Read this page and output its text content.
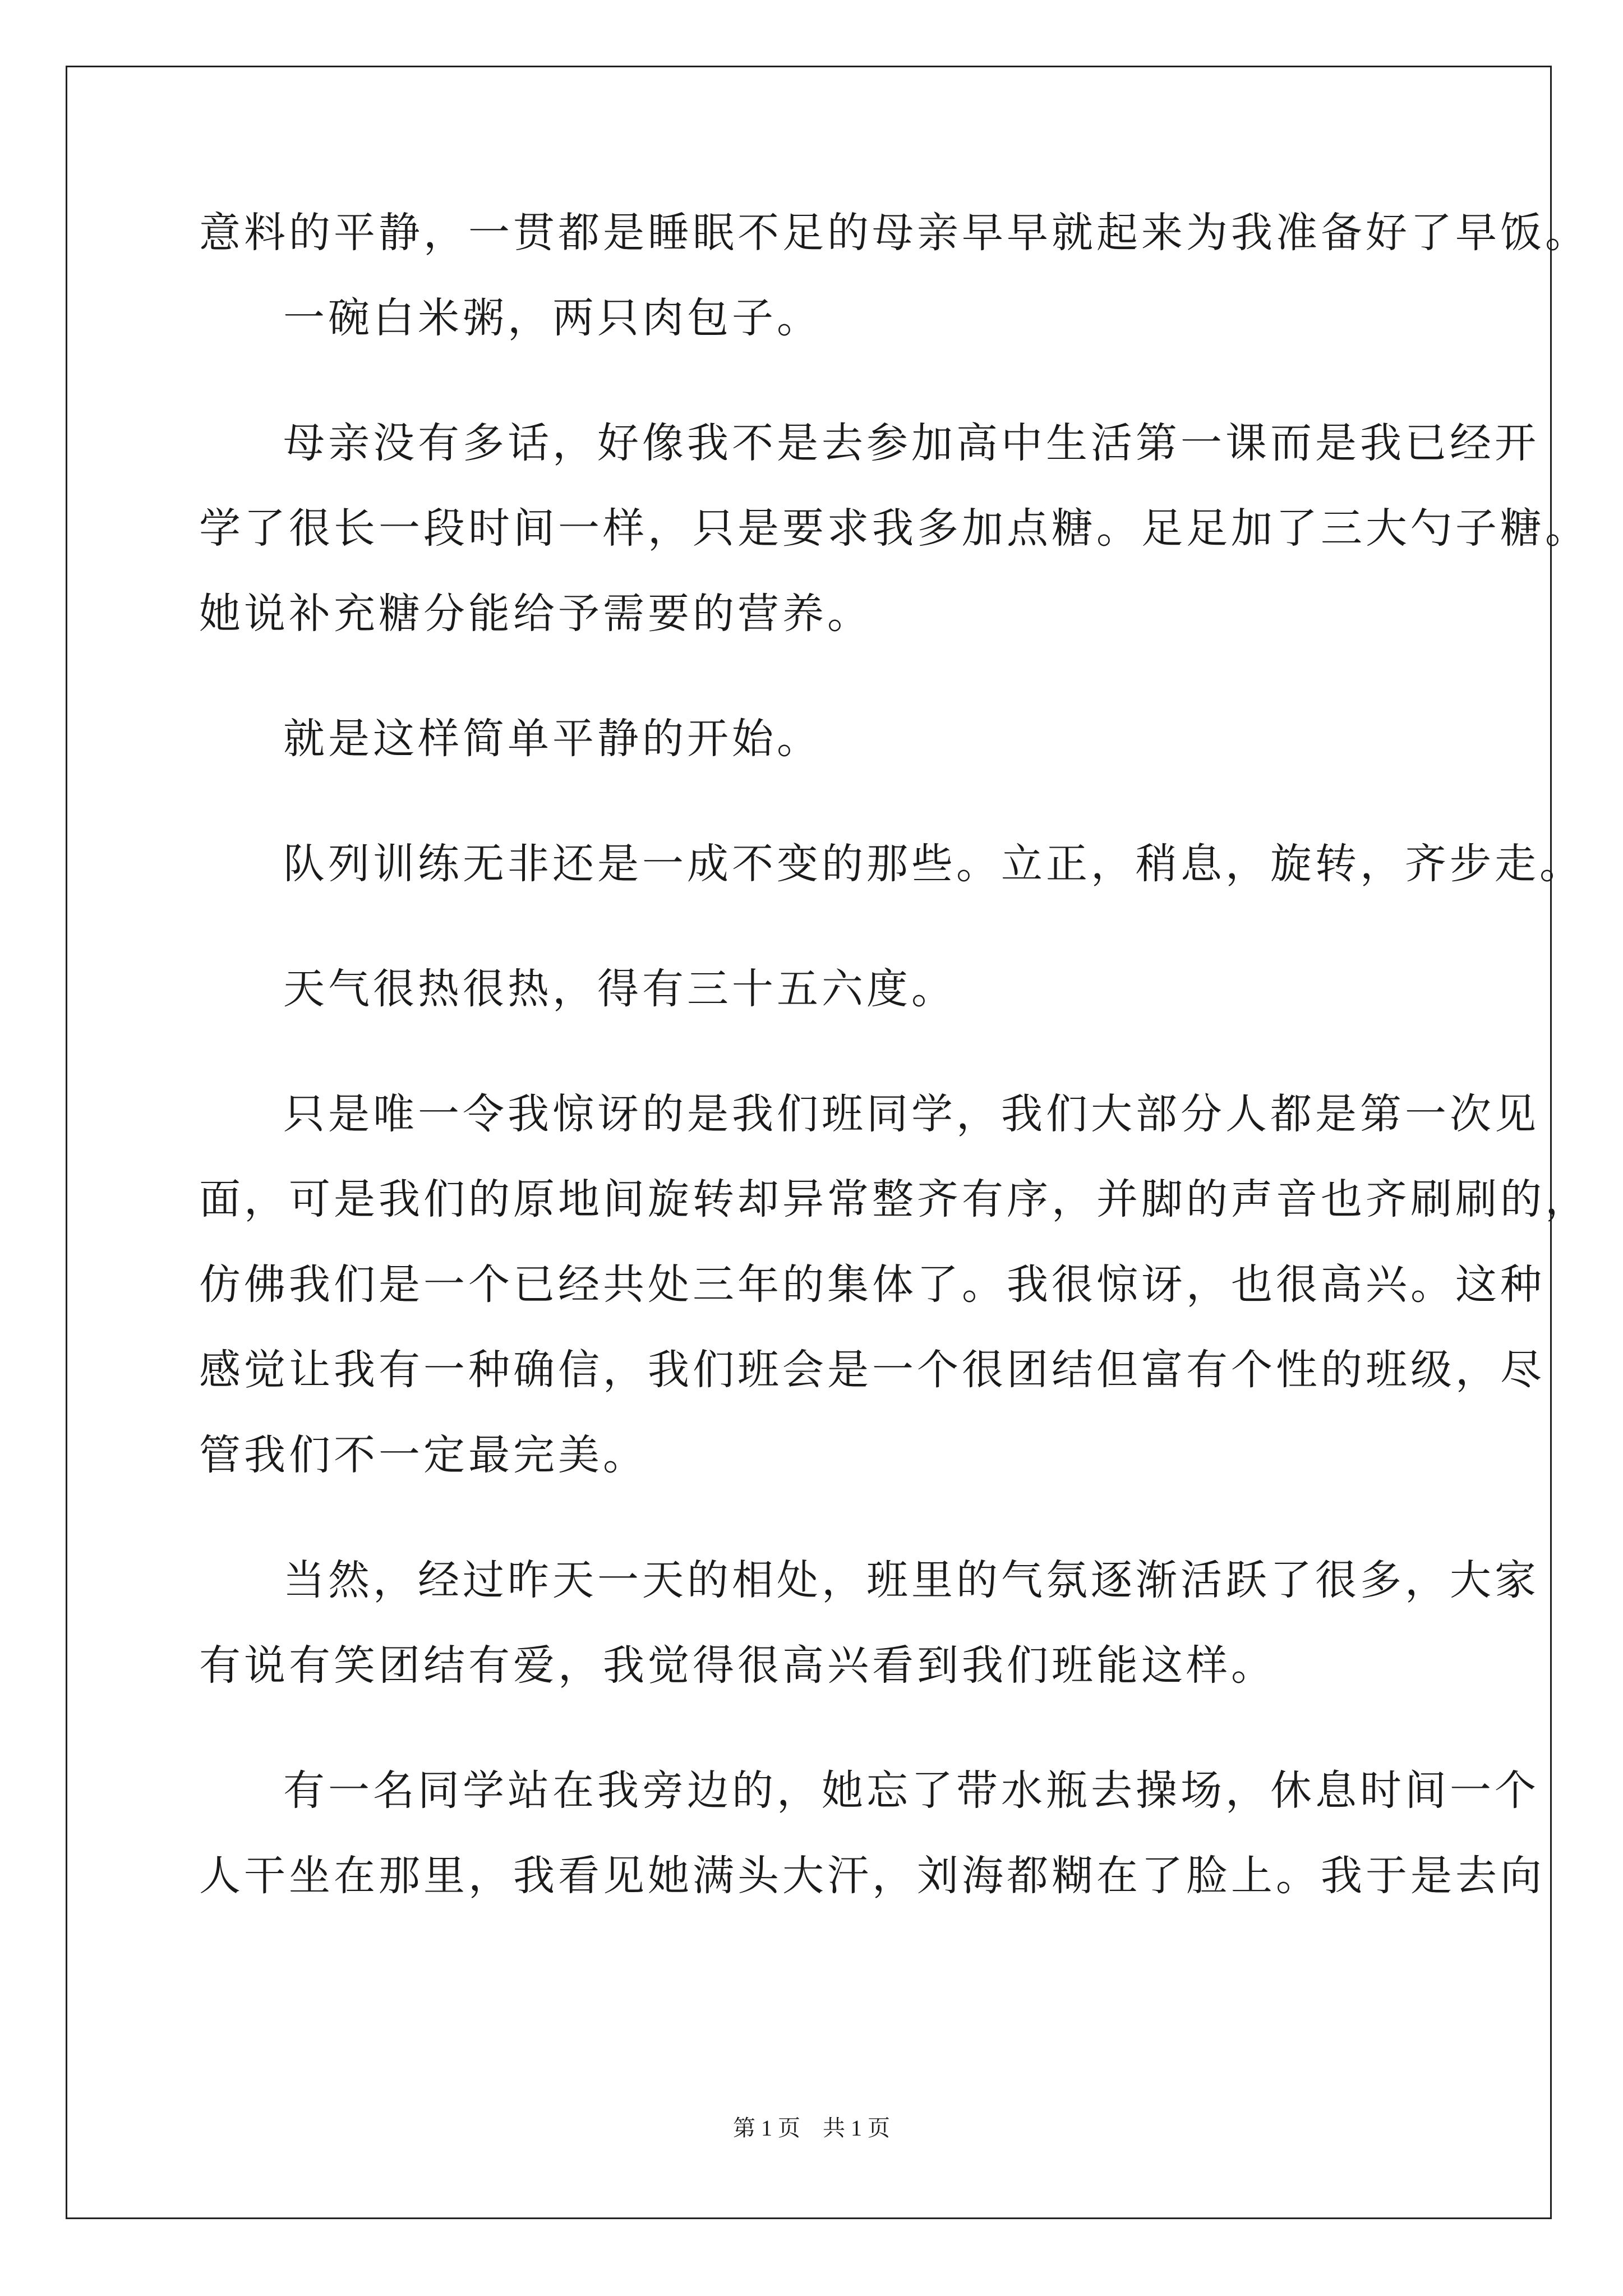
意料的平静，一贯都是睡眠不足的母亲早早就起来为我准备好了早饭。
一碗白米粥，两只肉包子。
母亲没有多话，好像我不是去参加高中生活第一课而是我已经开
学了很长一段时间一样，只是要求我多加点糖。足足加了三大勺子糖。
她说补充糖分能给予需要的营养。
就是这样简单平静的开始。
队列训练无非还是一成不变的那些。立正，稍息，旋转，齐步走。
天气很热很热，得有三十五六度。
只是唯一令我惊讶的是我们班同学，我们大部分人都是第一次见
面，可是我们的原地间旋转却异常整齐有序，并脚的声音也齐刷刷的，
仿佛我们是一个已经共处三年的集体了。我很惊讶，也很高兴。这种
感觉让我有一种确信，我们班会是一个很团结但富有个性的班级，尽
管我们不一定最完美。
当然，经过昨天一天的相处，班里的气氛逐渐活跃了很多，大家
有说有笑团结有爱，我觉得很高兴看到我们班能这样。
有一名同学站在我旁边的，她忘了带水瓶去操场，休息时间一个
人干坐在那里，我看见她满头大汗，刘海都糊在了脸上。我于是去向
第 1 页    共 1 页
